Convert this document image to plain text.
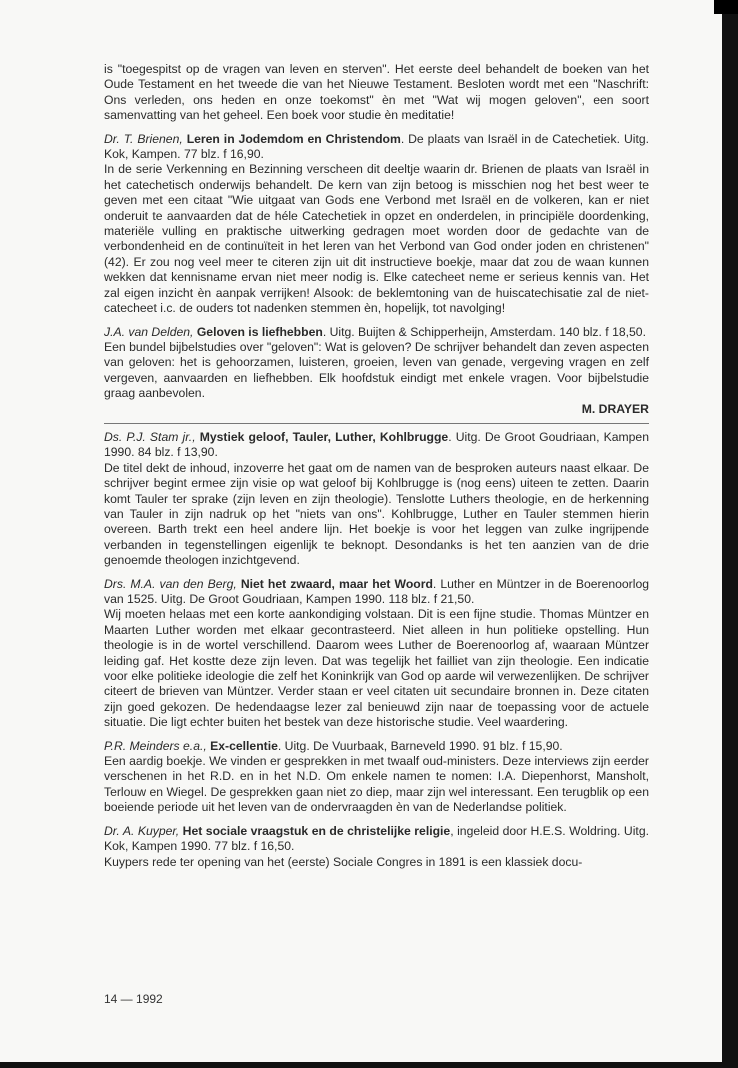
is "toegespitst op de vragen van leven en sterven". Het eerste deel behandelt de boeken van het Oude Testament en het tweede die van het Nieuwe Testament. Besloten wordt met een "Naschrift: Ons verleden, ons heden en onze toekomst" èn met "Wat wij mogen geloven", een soort samenvatting van het geheel. Een boek voor studie èn meditatie!

Dr. T. Brienen, Leren in Jodemdom en Christendom. De plaats van Israël in de Catechetiek. Uitg. Kok, Kampen. 77 blz. f 16,90.

In de serie Verkenning en Bezinning verscheen dit deeltje waarin dr. Brienen de plaats van Israël in het catechetisch onderwijs behandelt. De kern van zijn betoog is misschien nog het best weer te geven met een citaat "Wie uitgaat van Gods ene Verbond met Israël en de volkeren, kan er niet onderuit te aanvaarden dat de héle Catechetiek in opzet en onderdelen, in principiële doordenking, materiële vulling en praktische uitwerking gedragen moet worden door de gedachte van de verbondenheid en de continuïteit in het leren van het Verbond van God onder joden en christenen" (42). Er zou nog veel meer te citeren zijn uit dit instructieve boekje, maar dat zou de waan kunnen wekken dat kennisname ervan niet meer nodig is. Elke catecheet neme er serieus kennis van. Het zal eigen inzicht èn aanpak verrijken! Alsook: de beklemtoning van de huiscatechisatie zal de niet-catecheet i.c. de ouders tot nadenken stemmen èn, hopelijk, tot navolging!

J.A. van Delden, Geloven is liefhebben. Uitg. Buijten & Schipperheijn, Amsterdam. 140 blz. f 18,50.

Een bundel bijbelstudies over "geloven": Wat is geloven? De schrijver behandelt dan zeven aspecten van geloven: het is gehoorzamen, luisteren, groeien, leven van genade, vergeving vragen en zelf vergeven, aanvaarden en liefhebben. Elk hoofdstuk eindigt met enkele vragen. Voor bijbelstudie graag aanbevolen.

M. DRAYER

Ds. P.J. Stam jr., Mystiek geloof, Tauler, Luther, Kohlbrugge. Uitg. De Groot Goudriaan, Kampen 1990. 84 blz. f 13,90.

De titel dekt de inhoud, inzoverre het gaat om de namen van de besproken auteurs naast elkaar. De schrijver begint ermee zijn visie op wat geloof bij Kohlbrugge is (nog eens) uiteen te zetten. Daarin komt Tauler ter sprake (zijn leven en zijn theologie). Tenslotte Luthers theologie, en de herkenning van Tauler in zijn nadruk op het "niets van ons". Kohlbrugge, Luther en Tauler stemmen hierin overeen. Barth trekt een heel andere lijn. Het boekje is voor het leggen van zulke ingrijpende verbanden in tegenstellingen eigenlijk te beknopt. Desondanks is het ten aanzien van de drie genoemde theologen inzichtgevend.

Drs. M.A. van den Berg, Niet het zwaard, maar het Woord. Luther en Müntzer in de Boerenoorlog van 1525. Uitg. De Groot Goudriaan, Kampen 1990. 118 blz. f 21,50.

Wij moeten helaas met een korte aankondiging volstaan. Dit is een fijne studie. Thomas Müntzer en Maarten Luther worden met elkaar gecontrasteerd. Niet alleen in hun politieke opstelling. Hun theologie is in de wortel verschillend. Daarom wees Luther de Boerenoorlog af, waaraan Müntzer leiding gaf. Het kostte deze zijn leven. Dat was tegelijk het failliet van zijn theologie. Een indicatie voor elke politieke ideologie die zelf het Koninkrijk van God op aarde wil verwezenlijken. De schrijver citeert de brieven van Müntzer. Verder staan er veel citaten uit secundaire bronnen in. Deze citaten zijn goed gekozen. De hedendaagse lezer zal benieuwd zijn naar de toepassing voor de actuele situatie. Die ligt echter buiten het bestek van deze historische studie. Veel waardering.

P.R. Meinders e.a., Ex-cellentie. Uitg. De Vuurbaak, Barneveld 1990. 91 blz. f 15,90.

Een aardig boekje. We vinden er gesprekken in met twaalf oud-ministers. Deze interviews zijn eerder verschenen in het R.D. en in het N.D. Om enkele namen te nomen: I.A. Diepenhorst, Mansholt, Terlouw en Wiegel. De gesprekken gaan niet zo diep, maar zijn wel interessant. Een terugblik op een boeiende periode uit het leven van de ondervraagden èn van de Nederlandse politiek.

Dr. A. Kuyper, Het sociale vraagstuk en de christelijke religie, ingeleid door H.E.S. Woldring. Uitg. Kok, Kampen 1990. 77 blz. f 16,50.

Kuypers rede ter opening van het (eerste) Sociale Congres in 1891 is een klassiek docu-

14 — 1992
